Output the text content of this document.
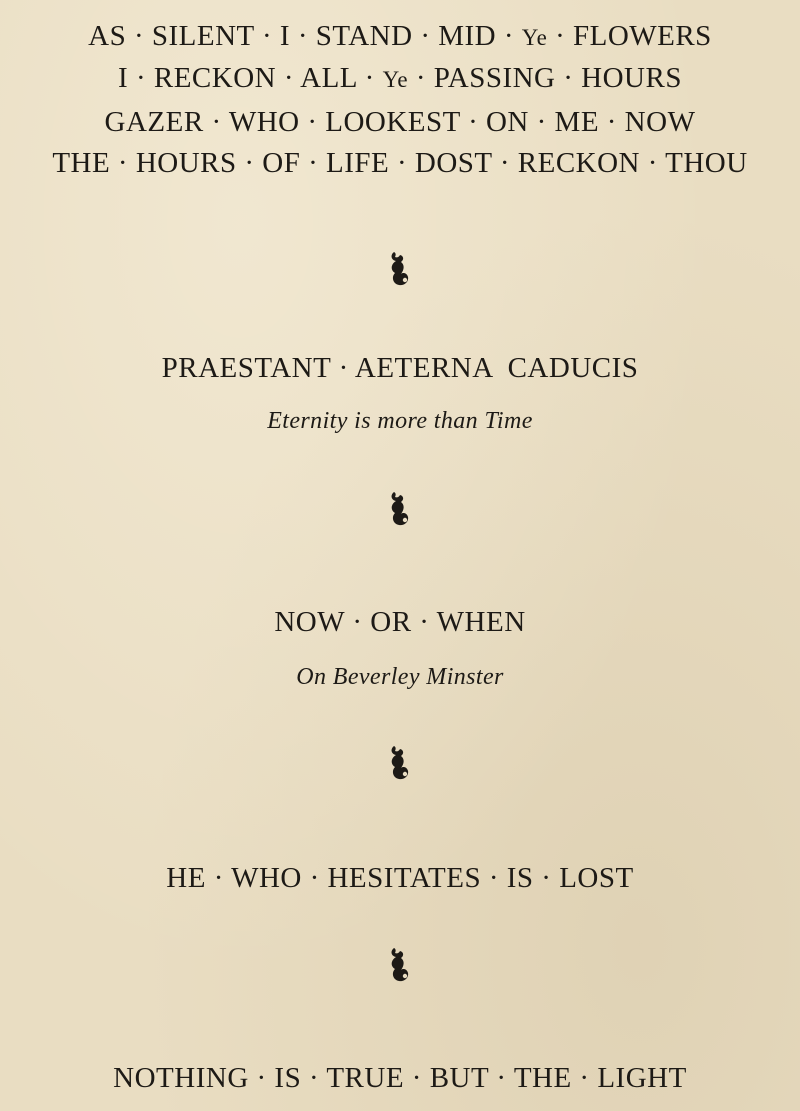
AS · SILENT · I · STAND · MID · Ye · FLOWERS
I · RECKON · ALL · Ye · PASSING · HOURS
GAZER · WHO · LOOKEST · ON · ME · NOW
THE · HOURS · OF · LIFE · DOST · RECKON · THOU
PRAESTANT · AETERNA  CADUCIS
Eternity is more than Time
NOW · OR · WHEN
On Beverley Minster
HE · WHO · HESITATES · IS · LOST
NOTHING · IS · TRUE · BUT · THE · LIGHT
